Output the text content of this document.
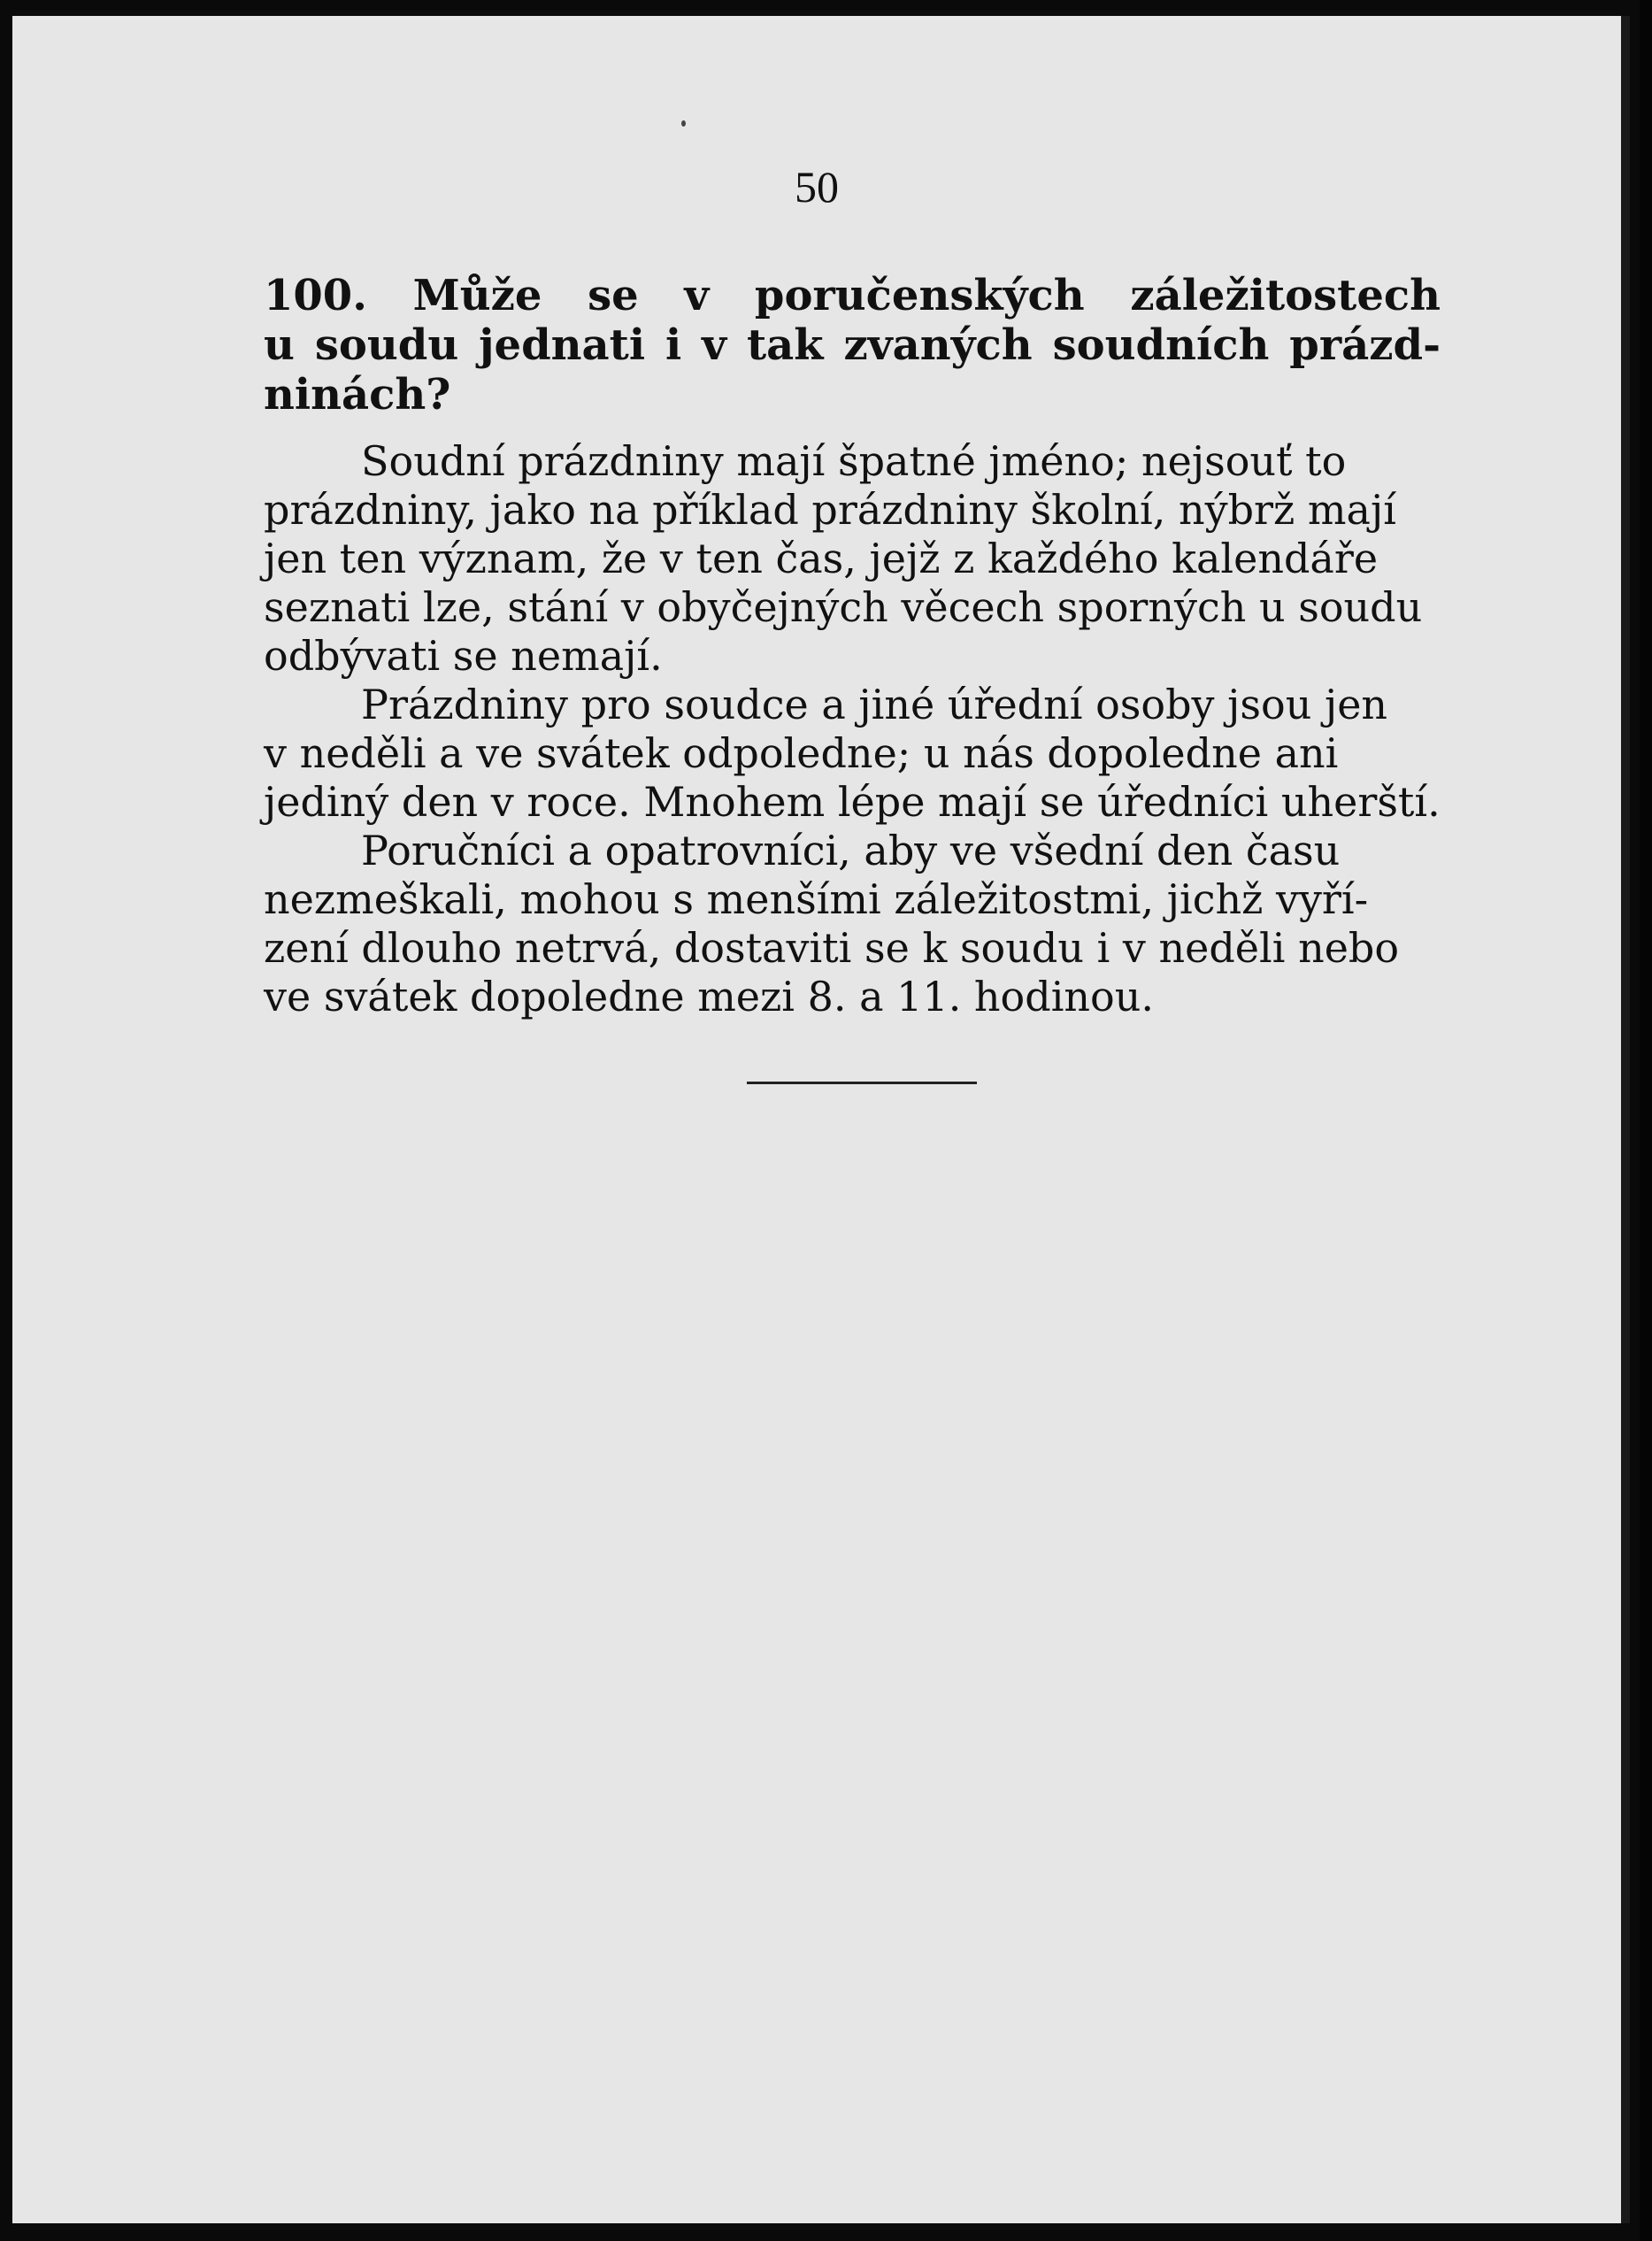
50
100. Může se v poručenských záležitostech
u soudu jednati i v tak zvaných soudních prázd-
ninách?
Soudní prázdniny mají špatné jméno; nejsouť to
prázdniny, jako na příklad prázdniny školní, nýbrž mají
jen ten význam, že v ten čas, jejž z každého kalendáře
seznati lze, stání v obyčejných věcech sporných u soudu
odbývati se nemají.
Prázdniny pro soudce a jiné úřední osoby jsou jen
v neděli a ve svátek odpoledne; u nás dopoledne ani
jediný den v roce. Mnohem lépe mají se úředníci uherští.
Poručníci a opatrovníci, aby ve všední den času
nezmeškali, mohou s menšími záležitostmi, jichž vyří-
zení dlouho netrvá, dostaviti se k soudu i v neděli nebo
ve svátek dopoledne mezi 8. a 11. hodinou.
